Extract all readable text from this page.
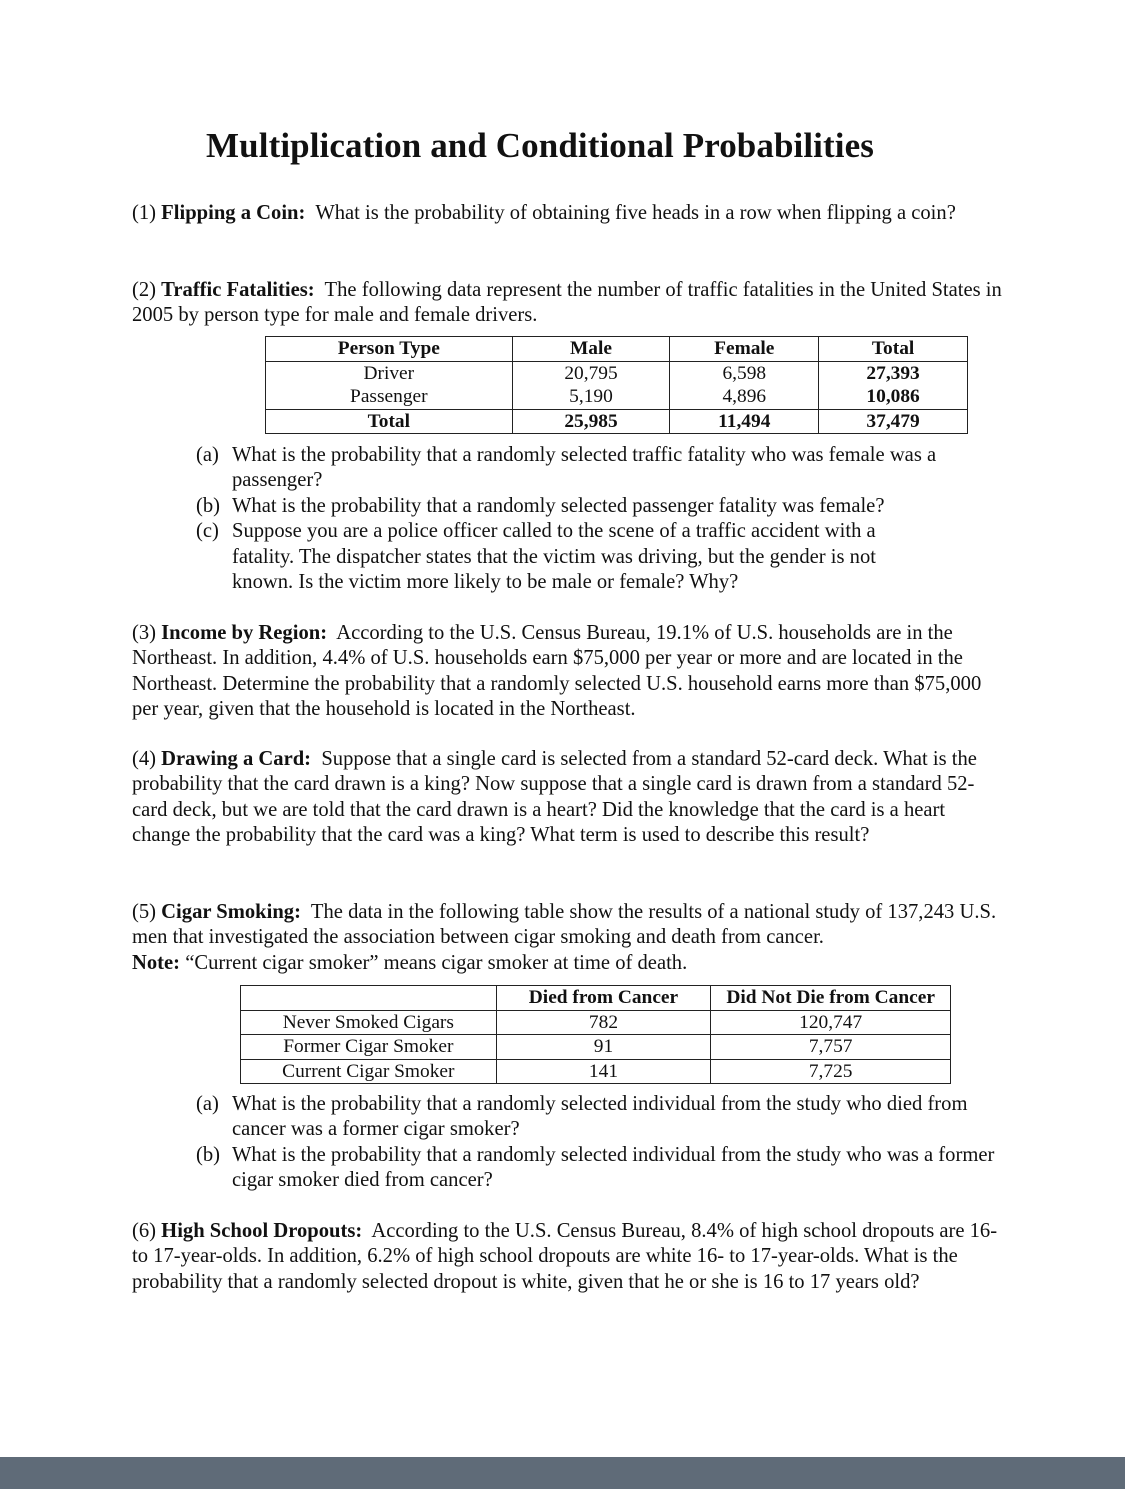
Multiplication and Conditional Probabilities

(1) Flipping a Coin: What is the probability of obtaining five heads in a row when flipping a coin?

(2) Traffic Fatalities: The following data represent the number of traffic fatalities in the United States in 2005 by person type for male and female drivers.

Person Type	Male	Female	Total
Driver	20,795	6,598	27,393
Passenger	5,190	4,896	10,086
Total	25,985	11,494	37,479
(a) What is the probability that a randomly selected traffic fatality who was female was a passenger?
(b) What is the probability that a randomly selected passenger fatality was female?
(c) Suppose you are a police officer called to the scene of a traffic accident with a fatality. The dispatcher states that the victim was driving, but the gender is not known. Is the victim more likely to be male or female? Why?

(3) Income by Region: According to the U.S. Census Bureau, 19.1% of U.S. households are in the Northeast. In addition, 4.4% of U.S. households earn $75,000 per year or more and are located in the Northeast. Determine the probability that a randomly selected U.S. household earns more than $75,000 per year, given that the household is located in the Northeast.

(4) Drawing a Card: Suppose that a single card is selected from a standard 52-card deck. What is the probability that the card drawn is a king? Now suppose that a single card is drawn from a standard 52-card deck, but we are told that the card drawn is a heart? Did the knowledge that the card is a heart change the probability that the card was a king? What term is used to describe this result?

(5) Cigar Smoking: The data in the following table show the results of a national study of 137,243 U.S. men that investigated the association between cigar smoking and death from cancer.
Note: “Current cigar smoker” means cigar smoker at time of death.

	Died from Cancer	Did Not Die from Cancer
Never Smoked Cigars	782	120,747
Former Cigar Smoker	91	7,757
Current Cigar Smoker	141	7,725
(a) What is the probability that a randomly selected individual from the study who died from cancer was a former cigar smoker?
(b) What is the probability that a randomly selected individual from the study who was a former cigar smoker died from cancer?

(6) High School Dropouts: According to the U.S. Census Bureau, 8.4% of high school dropouts are 16- to 17-year-olds. In addition, 6.2% of high school dropouts are white 16- to 17-year-olds. What is the probability that a randomly selected dropout is white, given that he or she is 16 to 17 years old?
